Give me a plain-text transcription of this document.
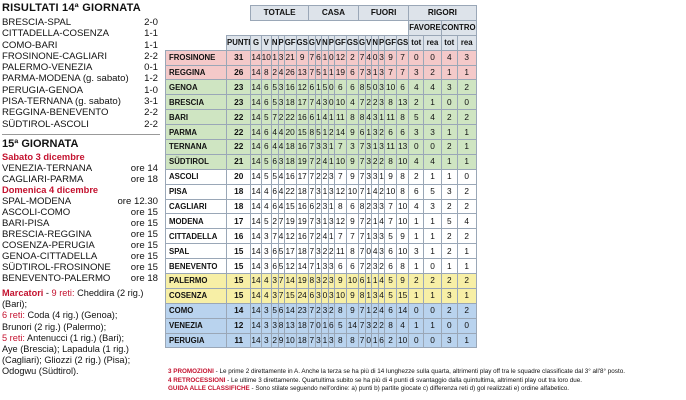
RISULTATI 14ª GIORNATA
BRESCIA-SPAL	2-0
CITTADELLA-COSENZA	1-1
COMO-BARI	1-1
FROSINONE-CAGLIARI	2-2
PALERMO-VENEZIA	0-1
PARMA-MODENA (g. sabato) 1-2
PERUGIA-GENOA	1-0
PISA-TERNANA (g. sabato) 3-1
REGGINA-BENEVENTO	2-2
SÜDTIROL-ASCOLI	2-2
15ª GIORNATA
Sabato 3 dicembre
VENEZIA-TERNANA	ore 14
CAGLIARI-PARMA	ore 18
Domenica 4 dicembre
SPAL-MODENA	ore 12.30
ASCOLI-COMO	ore 15
BARI-PISA	ore 15
BRESCIA-REGGINA	ore 15
COSENZA-PERUGIA	ore 15
GENOA-CITTADELLA	ore 15
SÜDTIROL-FROSINONE ore 15
BENEVENTO-PALERMO ore 18
Marcatori - 9 reti: Cheddira (2 rig.) (Bari);
6 reti: Coda (4 rig.) (Genoa);
Brunori (2 rig.) (Palermo);
5 reti: Antenucci (1 rig.) (Bari);
Aye (Brescia); Lapadula (1 rig.)
(Cagliari); Gliozzi (2 rig.) (Pisa);
Odogwu (Südtirol).
		TOTALE						CASA						FUORI						RIGORI			
																				FAVORE		CONTRO	
	PUNTI	G	V	N	P	GF	GS	G	V	N	P	GF	GS	G	V	N	P	GF	GS	tot	rea	tot	rea
FROSINONE	31	14	10	1	3	21	9	7	6	1	0	12	2	7	4	0	3	9	7	0	0	4	3
REGGINA	26	14	8	2	4	26	13	7	5	1	1	19	6	7	3	1	3	7	7	3	2	1	1
GENOA	23	14	6	5	3	16	12	6	1	5	0	6	6	8	5	0	3	10	6	4	4	3	2
BRESCIA	23	14	6	5	3	18	17	7	4	3	0	10	4	7	2	2	3	8	13	2	1	0	0
BARI	22	14	5	7	2	22	16	6	1	4	1	11	8	8	4	3	1	11	8	5	4	2	2
PARMA	22	14	6	4	4	20	15	8	5	1	2	14	9	6	1	3	2	6	6	3	3	1	1
TERNANA	22	14	6	4	4	18	16	7	3	3	1	7	3	7	3	1	3	11	13	0	0	2	1
SÜDTIROL	21	14	5	6	3	18	19	7	2	4	1	10	9	7	3	2	2	8	10	4	4	1	1
ASCOLI	20	14	5	5	4	16	17	7	2	2	3	7	9	7	3	3	1	9	8	2	1	1	0
PISA	18	14	4	6	4	22	18	7	3	1	3	12	10	7	1	4	2	10	8	6	5	3	2
CAGLIARI	18	14	4	6	4	15	16	6	2	3	1	8	6	8	2	3	3	7	10	4	3	2	2
MODENA	17	14	5	2	7	19	19	7	3	1	3	12	9	7	2	1	4	7	10	1	1	5	4
CITTADELLA	16	14	3	7	4	12	16	7	2	4	1	7	7	7	1	3	3	5	9	1	1	2	2
SPAL	15	14	3	6	5	17	18	7	3	2	2	11	8	7	0	4	3	6	10	3	1	2	1
BENEVENTO	15	14	3	6	5	12	14	7	1	3	3	6	6	7	2	3	2	6	8	1	0	1	1
PALERMO	15	14	4	3	7	14	19	8	3	2	3	9	10	6	1	1	4	5	9	2	2	2	2
COSENZA	15	14	4	3	7	15	24	6	3	0	3	10	9	8	1	3	4	5	15	1	1	3	1
COMO	14	14	3	5	6	14	23	7	2	3	2	8	9	7	1	2	4	6	14	0	0	2	2
VENEZIA	12	14	3	3	8	13	18	7	0	1	6	5	14	7	3	2	2	8	4	1	1	0	0
PERUGIA	11	14	3	2	9	10	18	7	3	1	3	8	8	7	0	1	6	2	10	0	0	3	1
3 PROMOZIONI - Le prime 2 direttamente in A. Anche la terza se ha più di 14 lunghezze sulla quarta, altrimenti play off tra le squadre classificate dal 3° all'8° posto.
4 RETROCESSIONI - Le ultime 3 direttamente. Quartultima subito se ha più di 4 punti di svantaggio dalla quintultima, altrimenti play out tra loro due.
GUIDA ALLE CLASSIFICHE - Sono stilate seguendo nell'ordine: a) punti b) partite giocate c) differenza reti d) gol realizzati e) ordine alfabetico.
